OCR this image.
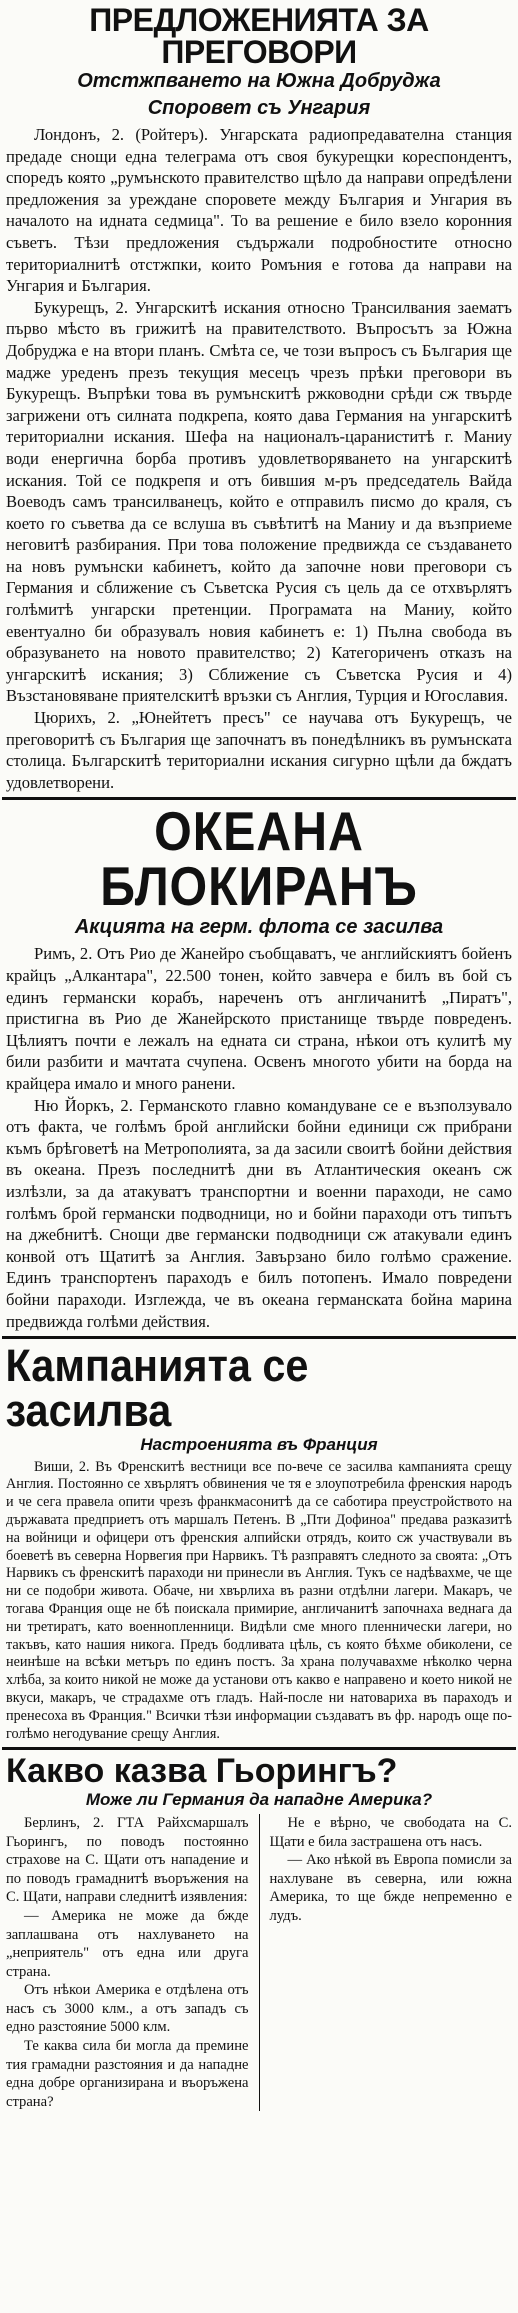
ПРЕДЛОЖЕНИЯТА ЗА ПРЕГОВОРИ
Отстжпването на Южна Добруджа
Споровет съ Унгария

Лондонъ, 2. (Ройтеръ). Унгарската радиопредавателна станция предаде снощи една телеграма отъ своя букурещки кореспондентъ, споредъ която „румънското правителство щѣло да направи опредѣлени предложения за уреждане споровете между България и Унгария въ началото на идната седмица". То ва решение е било взело коронния съветъ. Тѣзи предложения съдържали подробностите относно териториалнитѣ отстжпки, които Ромъния е готова да направи на Унгария и България.

Букурещъ, 2. Унгарскитѣ искания относно Трансилвания заематъ първо мѣсто въ грижитѣ на правителството. Въпросътъ за Южна Добруджа е на втори планъ. Смѣта се, че този въпросъ съ България ще мадже уреденъ презъ текущия месецъ чрезъ прѣки преговори въ Букурещъ. Въпрѣки това въ румънскитѣ ржководни срѣди сж твърде загрижени отъ силната подкрепа, която дава Германия на унгарскитѣ териториални искания. Шефа на националъ-цараниститѣ г. Маниу води енергична борба противъ удовлетворяването на унгарскитѣ искания. Той се подкрепя и отъ бившия м-ръ председатель Вайда Воеводъ самъ трансилванецъ, който е отправилъ писмо до краля, съ което го съветва да се вслуша въ съвѣтитѣ на Маниу и да възприеме неговитѣ разбирания. При това положение предвижда се създаването на новъ румънски кабинетъ, който да започне нови преговори съ Германия и сближение съ Съветска Русия съ цель да се отхвърлятъ голѣмитѣ унгарски претенции. Програмата на Маниу, който евентуално би образувалъ новия кабинетъ е: 1) Пълна свобода въ образуването на новото правителство; 2) Категориченъ отказъ на унгарскитѣ искания; 3) Сближение съ Съветска Русия и 4) Възстановяване приятелскитѣ връзки съ Англия, Турция и Югославия.

Цюрихъ, 2. „Юнейтетъ пресъ" се научава отъ Букурещъ, че преговоритѣ съ България ще започнатъ въ понедѣлникъ въ румънската столица. Българскитѣ териториални искания сигурно щѣли да бждатъ удовлетворени.

ОКЕАНА БЛОКИРАНЪ
Акцията на герм. флота се засилва

Римъ, 2. Отъ Рио де Жанейро съобщаватъ, че английскиятъ бойенъ крайцъ „Алкантара", 22.500 тонен, който завчера е билъ въ бой съ единъ германски корабъ, нареченъ отъ англичанитѣ „Пиратъ", пристигна въ Рио де Жанейрското пристанище твърде повреденъ. Цѣлиятъ почти е лежалъ на едната си страна, нѣкои отъ кулитѣ му били разбити и мачтата счупена. Освенъ многото убити на борда на крайцера имало и много ранени.

Ню Йоркъ, 2. Германското главно командуване се е възползувало отъ факта, че голѣмъ брой английски бойни единици сж прибрани къмъ брѣговетѣ на Метрополията, за да засили своитѣ бойни действия въ океана. Презъ последнитѣ дни въ Атлантическия океанъ сж излѣзли, за да атакуватъ транспортни и военни параходи, не само голѣмъ брой германски подводници, но и бойни параходи отъ типътъ на джебнитѣ. Снощи две германски подводници сж атакували единъ конвой отъ Щатитѣ за Англия. Завързано било голѣмо сражение. Единъ транспортенъ параходъ е билъ потопенъ. Имало повредени бойни параходи. Изглежда, че въ океана германската бойна марина предвижда голѣми действия.

Кампанията се засилва
Настроенията въ Франция

Виши, 2. Въ Френскитѣ вестници все по-вече се засилва кампанията срещу Англия. Постоянно се хвърлятъ обвинения че тя е злоупотребила френския народъ и че сега правела опити чрезъ франкмасонитѣ да се саботира преустройството на държавата предприетъ отъ маршалъ Петенъ. В „Пти Дофиноа" предава разказитѣ на войници и офицери отъ френския алпийски отрядъ, които сж участвували въ боеветѣ въ северна Норвегия при Нарвикъ. Тѣ разправятъ следното за своята: „Отъ Нарвикъ съ френскитѣ параходи ни принесли въ Англия. Тукъ се надѣвахме, че ще ни се подобри живота. Обаче, ни хвърлиха въ разни отдѣлни лагери. Макаръ, че тогава Франция още не бѣ поискала примирие, англичанитѣ започнаха веднага да ни третиратъ, като военнопленници. Видѣли сме много пленнически лагери, но такъвъ, като нашия никога. Предъ бодливата цѣль, съ която бѣхме обиколени, се неинѣше на всѣки метъръ по единъ постъ. За храна получавахме нѣколко черна хлѣба, за които никой не може да установи отъ какво е направено и което никой не вкуси, макаръ, че страдахме отъ гладъ. Най-после ни натовариха въ параходъ и пренесоха въ Франция." Всички тѣзи информации създаватъ въ фр. народъ още по-голѣмо негодувание срещу Англия.

Какво казва Гьорингъ?
Може ли Германия да нападне Америка?

Берлинъ, 2. ГТА Райхсмаршалъ Гьорингъ, по поводъ постоянно страхове на С. Щати отъ нападение и по поводъ грамаднитѣ въоръжения на С. Щати, направи следнитѣ изявления:

— Америка не може да бжде заплашвана отъ нахлуването на „неприятель" отъ една или друга страна.

Отъ нѣкои Америка е отдѣлена отъ насъ съ 3000 клм., а отъ западъ съ едно разстояние 5000 клм.

Те каква сила би могла да премине тия грамадни разстояния и да нападне една добре организирана и въоръжена страна?

Не е вѣрно, че свободата на С. Щати е била застрашена отъ насъ.

— Ако нѣкой въ Европа помисли за нахлуване въ северна, или южна Америка, то ще бжде непременно е лудъ.
